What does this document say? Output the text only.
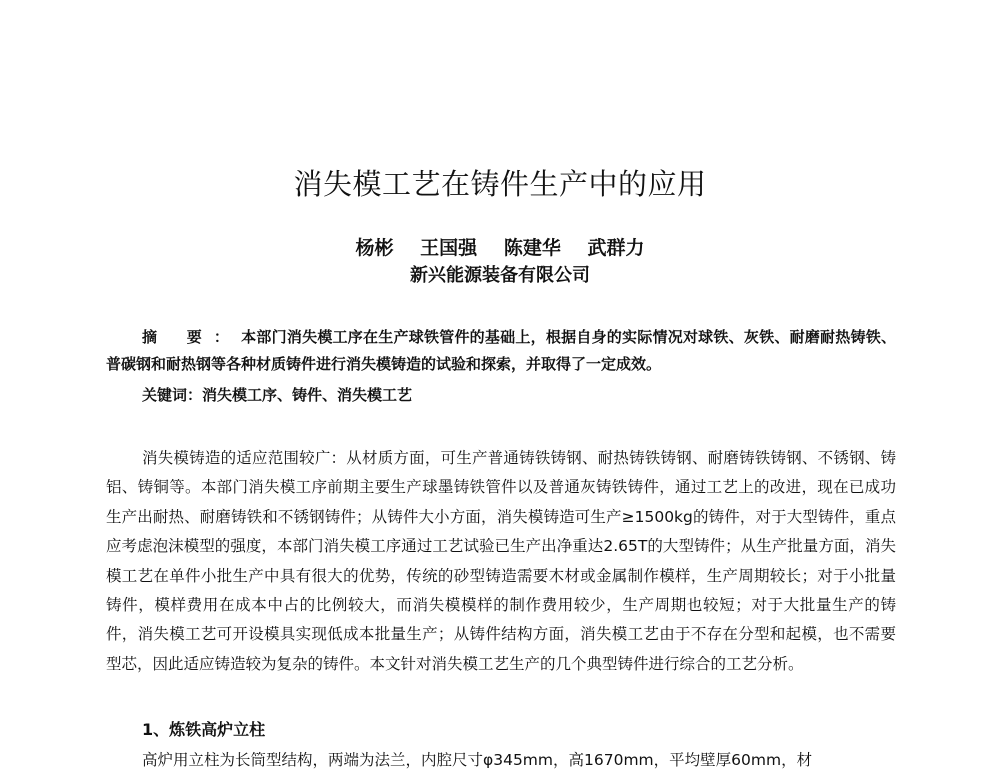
消失模工艺在铸件生产中的应用
杨彬 王国强 陈建华 武群力
新兴能源装备有限公司

摘 要：本部门消失模工序在生产球铁管件的基础上，根据自身的实际情况对球铁、灰铁、耐磨耐热铸铁、普碳钢和耐热钢等各种材质铸件进行消失模铸造的试验和探索，并取得了一定成效。

关键词：消失模工序、铸件、消失模工艺

消失模铸造的适应范围较广：从材质方面，可生产普通铸铁铸钢、耐热铸铁铸钢、耐磨铸铁铸钢、不锈钢、铸铝、铸铜等。本部门消失模工序前期主要生产球墨铸铁管件以及普通灰铸铁铸件，通过工艺上的改进，现在已成功生产出耐热、耐磨铸铁和不锈钢铸件；从铸件大小方面，消失模铸造可生产≥1500kg的铸件，对于大型铸件，重点应考虑泡沫模型的强度，本部门消失模工序通过工艺试验已生产出净重达2.65T的大型铸件；从生产批量方面，消失模工艺在单件小批生产中具有很大的优势，传统的砂型铸造需要木材或金属制作模样，生产周期较长；对于小批量铸件，模样费用在成本中占的比例较大，而消失模模样的制作费用较少，生产周期也较短；对于大批量生产的铸件，消失模工艺可开设模具实现低成本批量生产；从铸件结构方面，消失模工艺由于不存在分型和起模，也不需要型芯，因此适应铸造较为复杂的铸件。本文针对消失模工艺生产的几个典型铸件进行综合的工艺分析。

1、炼铁高炉立柱
高炉用立柱为长筒型结构，两端为法兰，内腔尺寸φ345mm，高1670mm，平均壁厚60mm，材
